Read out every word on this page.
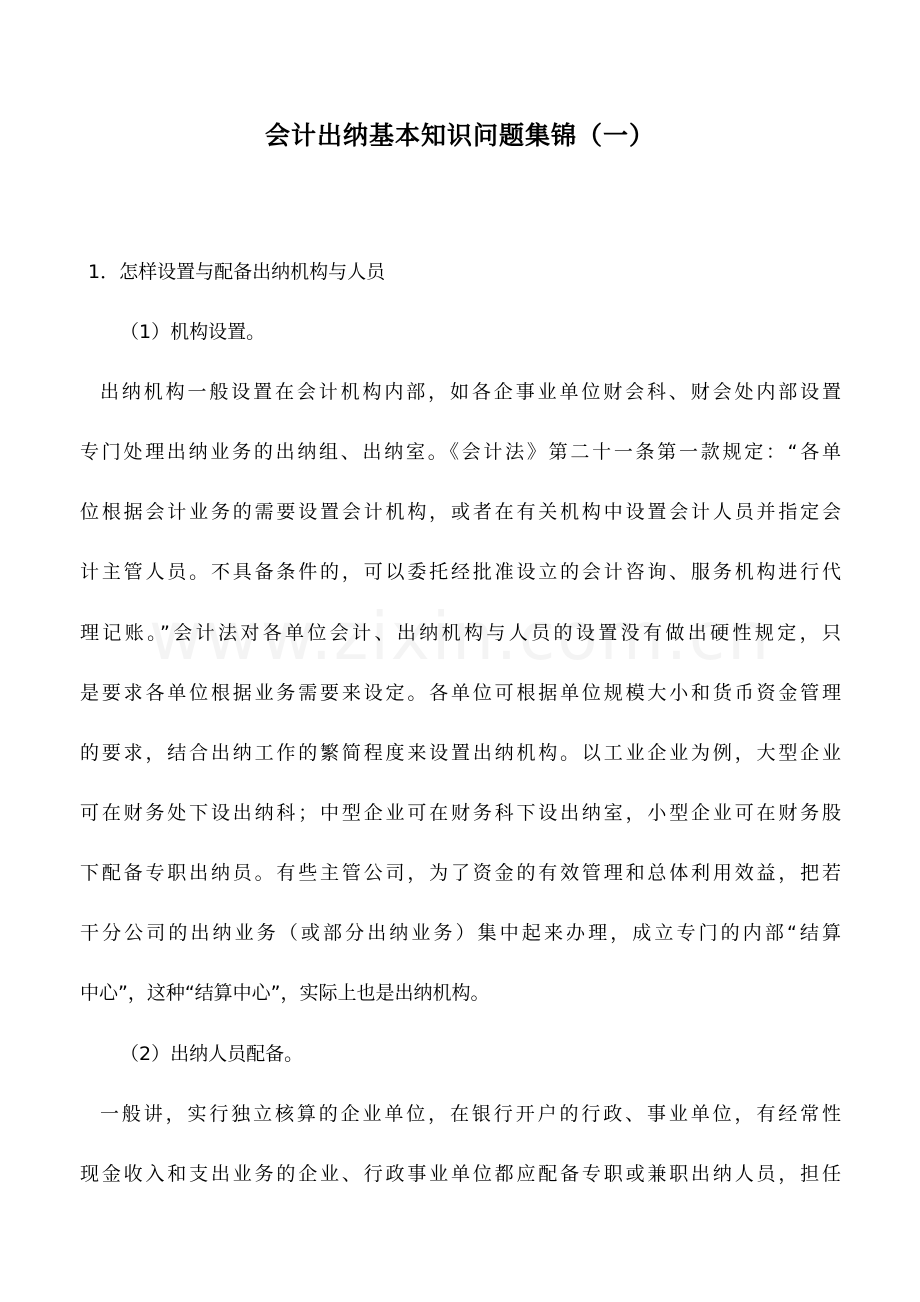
会计出纳基本知识问题集锦（一）
1．怎样设置与配备出纳机构与人员
（1）机构设置。
出纳机构一般设置在会计机构内部，如各企事业单位财会科、财会处内部设置
专门处理出纳业务的出纳组、出纳室。《会计法》第二十一条第一款规定：“各单
位根据会计业务的需要设置会计机构，或者在有关机构中设置会计人员并指定会
计主管人员。不具备条件的，可以委托经批准设立的会计咨询、服务机构进行代
理记账。”会计法对各单位会计、出纳机构与人员的设置没有做出硬性规定，只
是要求各单位根据业务需要来设定。各单位可根据单位规模大小和货币资金管理
的要求，结合出纳工作的繁简程度来设置出纳机构。以工业企业为例，大型企业
可在财务处下设出纳科；中型企业可在财务科下设出纳室，小型企业可在财务股
下配备专职出纳员。有些主管公司，为了资金的有效管理和总体利用效益，把若
干分公司的出纳业务（或部分出纳业务）集中起来办理，成立专门的内部“结算
中心”，这种“结算中心”，实际上也是出纳机构。
（2）出纳人员配备。
一般讲，实行独立核算的企业单位，在银行开户的行政、事业单位，有经常性
现金收入和支出业务的企业、行政事业单位都应配备专职或兼职出纳人员，担任
